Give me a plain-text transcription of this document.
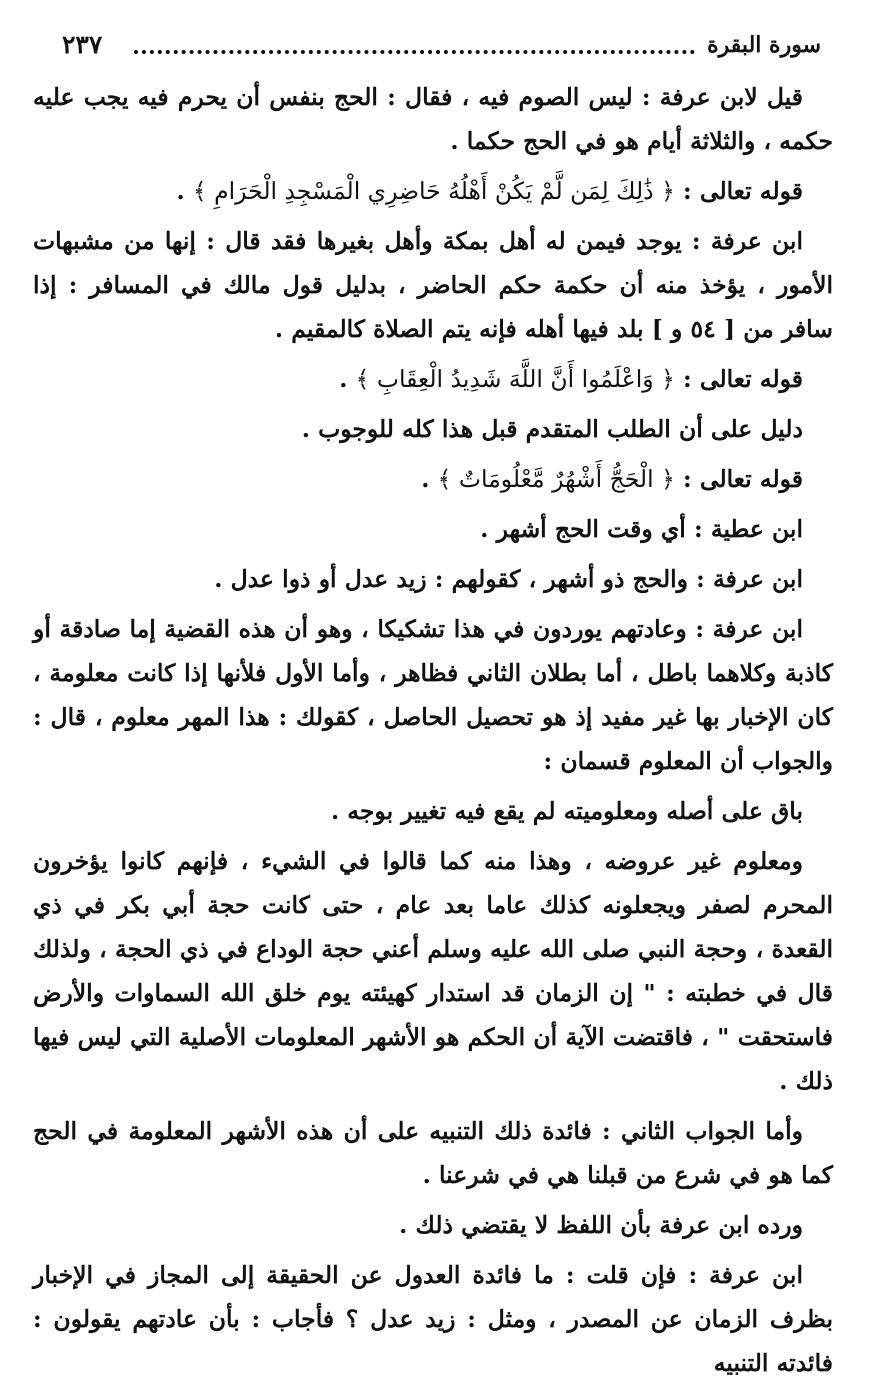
سورة البقرة
٢٣٧

قيل لابن عرفة : ليس الصوم فيه ، فقال : الحج بنفس أن يحرم فيه يجب عليه حكمه ، والثلاثة أيام هو في الحج حكما .

قوله تعالى : ﴿ ذَٰلِكَ لِمَن لَّمْ يَكُنْ أَهْلُهُ حَاضِرِي الْمَسْجِدِ الْحَرَامِ ﴾ .

ابن عرفة : يوجد فيمن له أهل بمكة وأهل بغيرها فقد قال : إنها من مشبهات الأمور ، يؤخذ منه أن حكمة حكم الحاضر ، بدليل قول مالك في المسافر : إذا سافر من [ ٥٤ و ] بلد فيها أهله فإنه يتم الصلاة كالمقيم .

قوله تعالى : ﴿ وَاعْلَمُوا أَنَّ اللَّهَ شَدِيدُ الْعِقَابِ ﴾ .

دليل على أن الطلب المتقدم قبل هذا كله للوجوب .

قوله تعالى : ﴿ الْحَجُّ أَشْهُرٌ مَّعْلُومَاتٌ ﴾ .

ابن عطية : أي وقت الحج أشهر .

ابن عرفة : والحج ذو أشهر ، كقولهم : زيد عدل أو ذوا عدل .

ابن عرفة : وعادتهم يوردون في هذا تشكيكا ، وهو أن هذه القضية إما صادقة أو كاذبة وكلاهما باطل ، أما بطلان الثاني فظاهر ، وأما الأول فلأنها إذا كانت معلومة ، كان الإخبار بها غير مفيد إذ هو تحصيل الحاصل ، كقولك : هذا المهر معلوم ، قال : والجواب أن المعلوم قسمان :

باق على أصله ومعلوميته لم يقع فيه تغيير بوجه .

ومعلوم غير عروضه ، وهذا منه كما قالوا في الشيء ، فإنهم كانوا يؤخرون المحرم لصفر ويجعلونه كذلك عاما بعد عام ، حتى كانت حجة أبي بكر في ذي القعدة ، وحجة النبي صلى الله عليه وسلم أعني حجة الوداع في ذي الحجة ، ولذلك قال في خطبته : " إن الزمان قد استدار كهيئته يوم خلق الله السماوات والأرض فاستحقت " ، فاقتضت الآية أن الحكم هو الأشهر المعلومات الأصلية التي ليس فيها ذلك .

وأما الجواب الثاني : فائدة ذلك التنبيه على أن هذه الأشهر المعلومة في الحج كما هو في شرع من قبلنا هي في شرعنا .

ورده ابن عرفة بأن اللفظ لا يقتضي ذلك .

ابن عرفة : فإن قلت : ما فائدة العدول عن الحقيقة إلى المجاز في الإخبار بظرف الزمان عن المصدر ، ومثل : زيد عدل ؟ فأجاب : بأن عادتهم يقولون : فائدته التنبيه
